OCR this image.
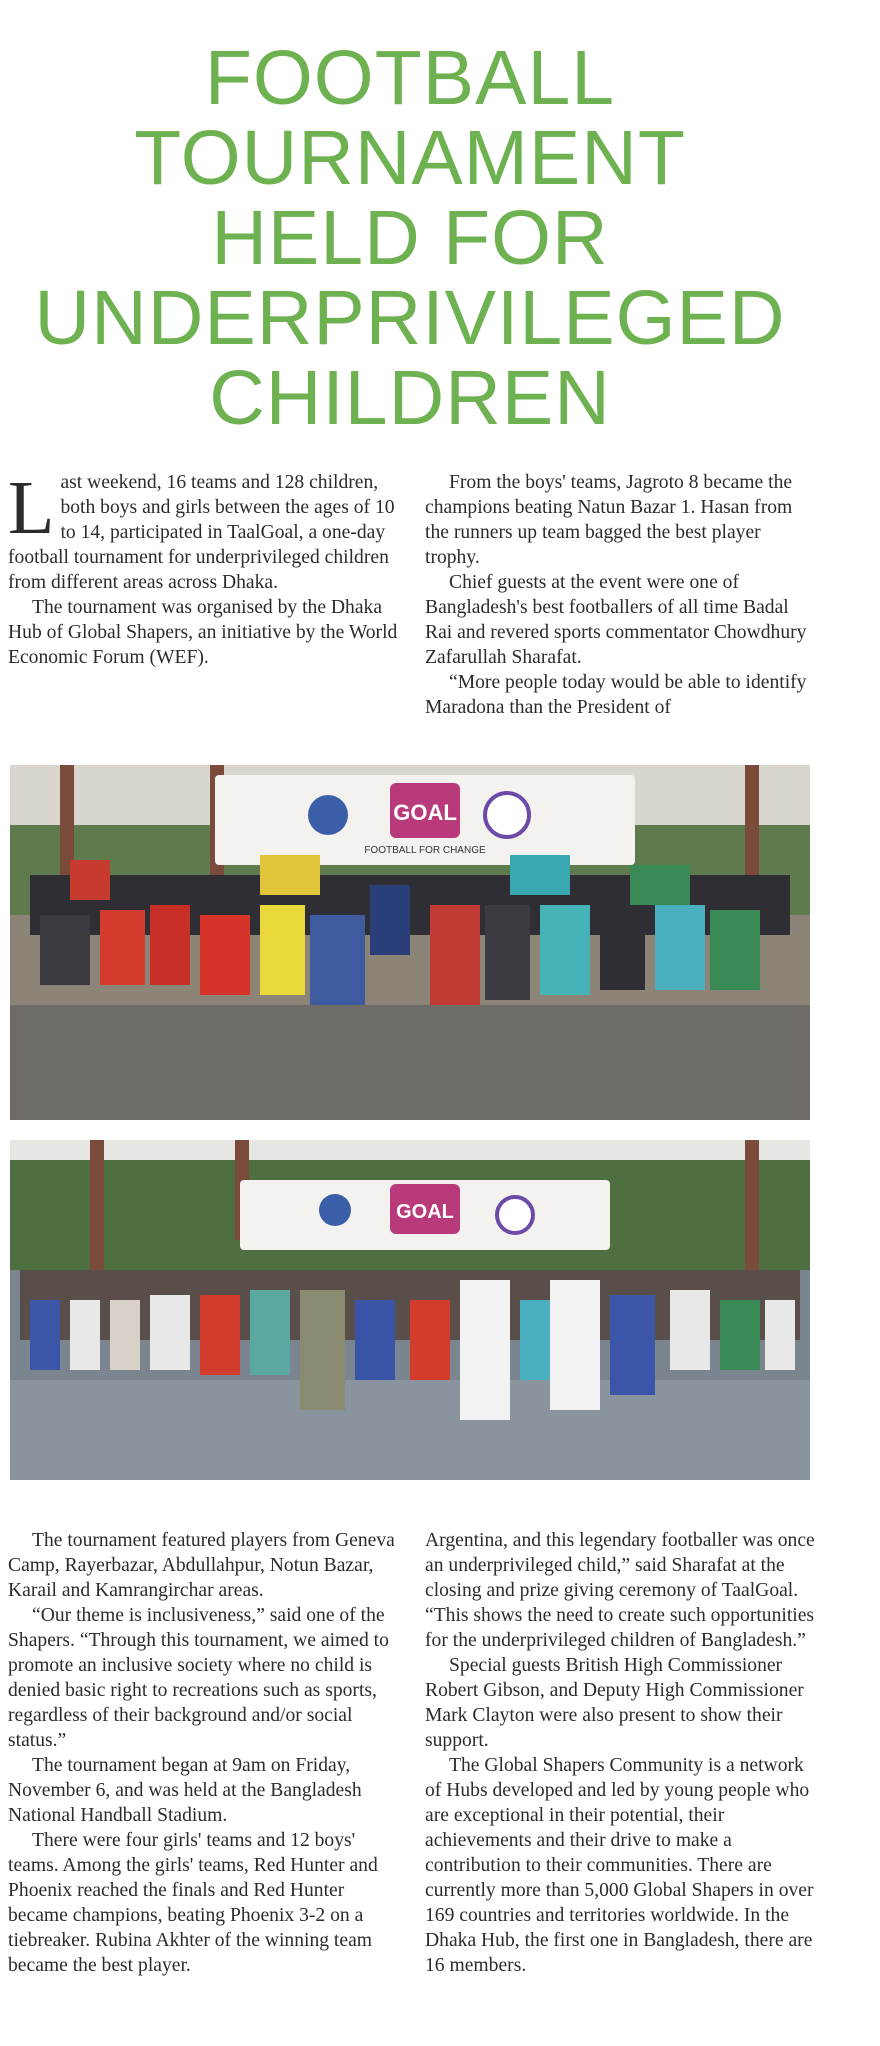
FOOTBALL
TOURNAMENT
HELD FOR
UNDERPRIVILEGED
CHILDREN

Last weekend, 16 teams and 128 children, both boys and girls between the ages of 10 to 14, participated in TaalGoal, a one-day football tournament for underprivileged children from different areas across Dhaka.

The tournament was organised by the Dhaka Hub of Global Shapers, an initiative by the World Economic Forum (WEF).

From the boys' teams, Jagroto 8 became the champions beating Natun Bazar 1. Hasan from the runners up team bagged the best player trophy.

Chief guests at the event were one of Bangladesh's best footballers of all time Badal Rai and revered sports commentator Chowdhury Zafarullah Sharafat.

“More people today would be able to identify Maradona than the President of

GOAL
FOOTBALL FOR CHANGE
GOAL

The tournament featured players from Geneva Camp, Rayerbazar, Abdullahpur, Notun Bazar, Karail and Kamrangirchar areas.

“Our theme is inclusiveness,” said one of the Shapers. “Through this tournament, we aimed to promote an inclusive society where no child is denied basic right to recreations such as sports, regardless of their background and/or social status.”

The tournament began at 9am on Friday, November 6, and was held at the Bangladesh National Handball Stadium.

There were four girls' teams and 12 boys' teams. Among the girls' teams, Red Hunter and Phoenix reached the finals and Red Hunter became champions, beating Phoenix 3-2 on a tiebreaker. Rubina Akhter of the winning team became the best player.

Argentina, and this legendary footballer was once an underprivileged child,” said Sharafat at the closing and prize giving ceremony of TaalGoal. “This shows the need to create such opportunities for the underprivileged children of Bangladesh.”

Special guests British High Commissioner Robert Gibson, and Deputy High Commissioner Mark Clayton were also present to show their support.

The Global Shapers Community is a network of Hubs developed and led by young people who are exceptional in their potential, their achievements and their drive to make a contribution to their communities. There are currently more than 5,000 Global Shapers in over 169 countries and territories worldwide. In the Dhaka Hub, the first one in Bangladesh, there are 16 members.
